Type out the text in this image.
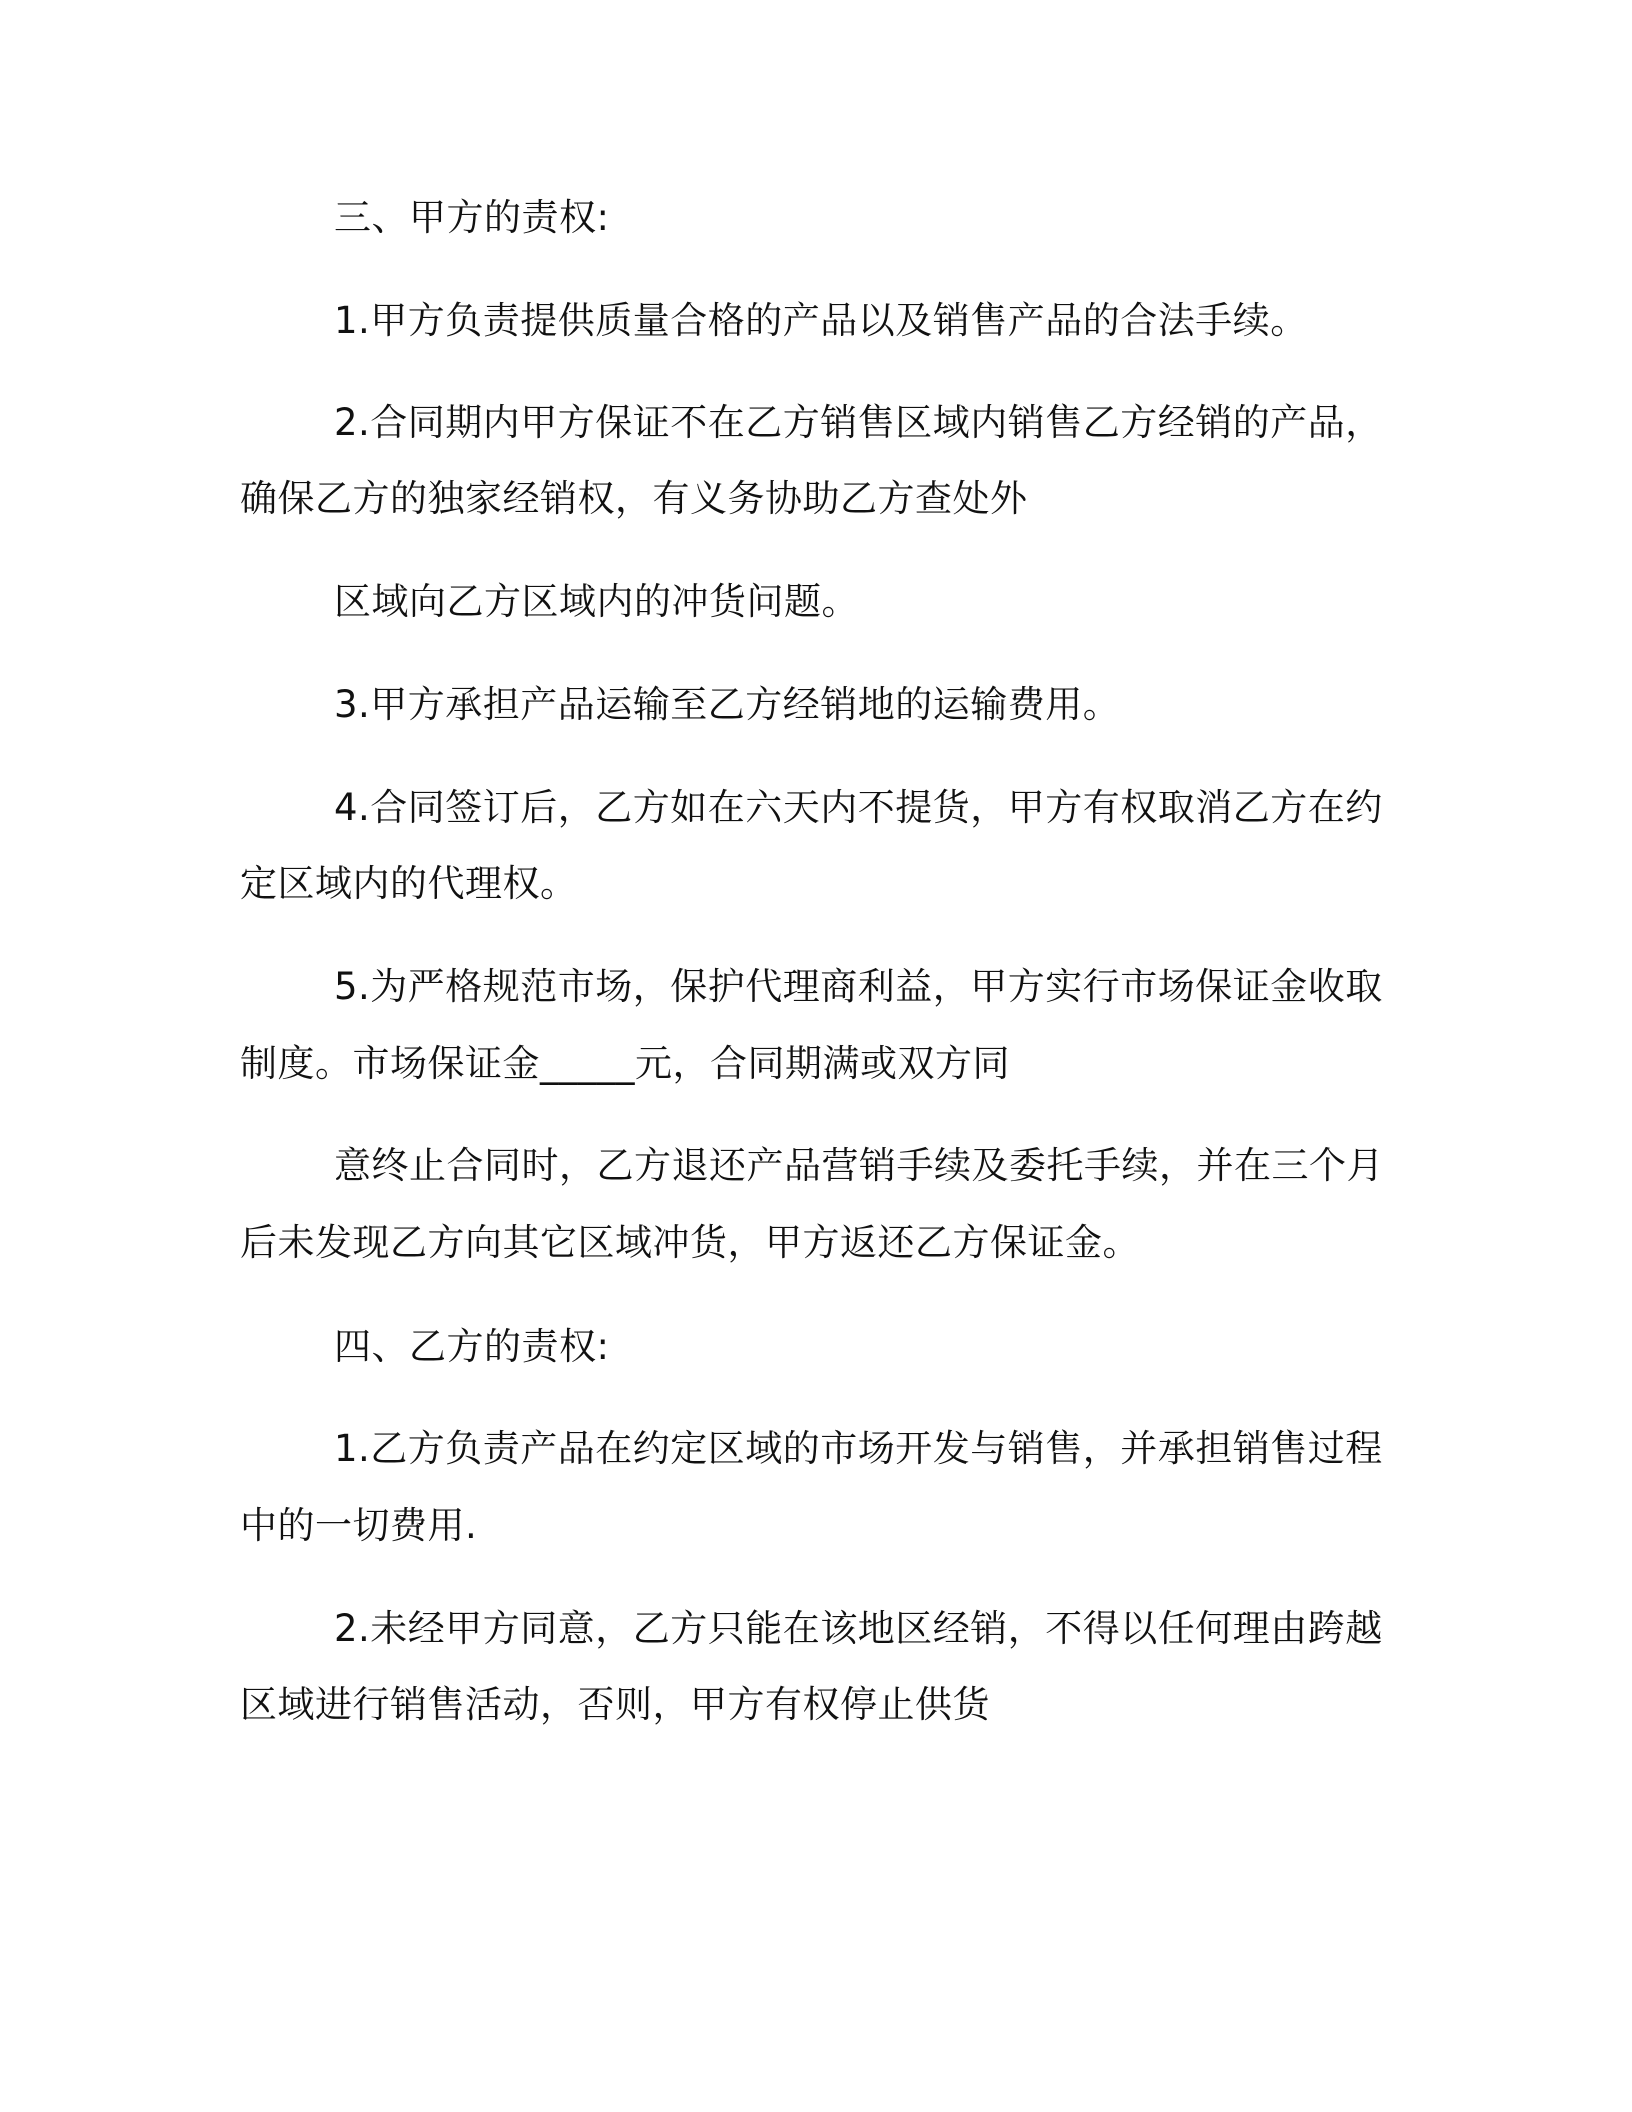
三、甲方的责权:
1.甲方负责提供质量合格的产品以及销售产品的合法手续。
2.合同期内甲方保证不在乙方销售区域内销售乙方经销的产品，
确保乙方的独家经销权，有义务协助乙方查处外
区域向乙方区域内的冲货问题。
3.甲方承担产品运输至乙方经销地的运输费用。
4.合同签订后，乙方如在六天内不提货，甲方有权取消乙方在约
定区域内的代理权。
5.为严格规范市场，保护代理商利益，甲方实行市场保证金收取
制度。市场保证金_____元，合同期满或双方同
意终止合同时，乙方退还产品营销手续及委托手续，并在三个月
后未发现乙方向其它区域冲货，甲方返还乙方保证金。
四、乙方的责权:
1.乙方负责产品在约定区域的市场开发与销售，并承担销售过程
中的一切费用.
2.未经甲方同意，乙方只能在该地区经销，不得以任何理由跨越
区域进行销售活动，否则，甲方有权停止供货
